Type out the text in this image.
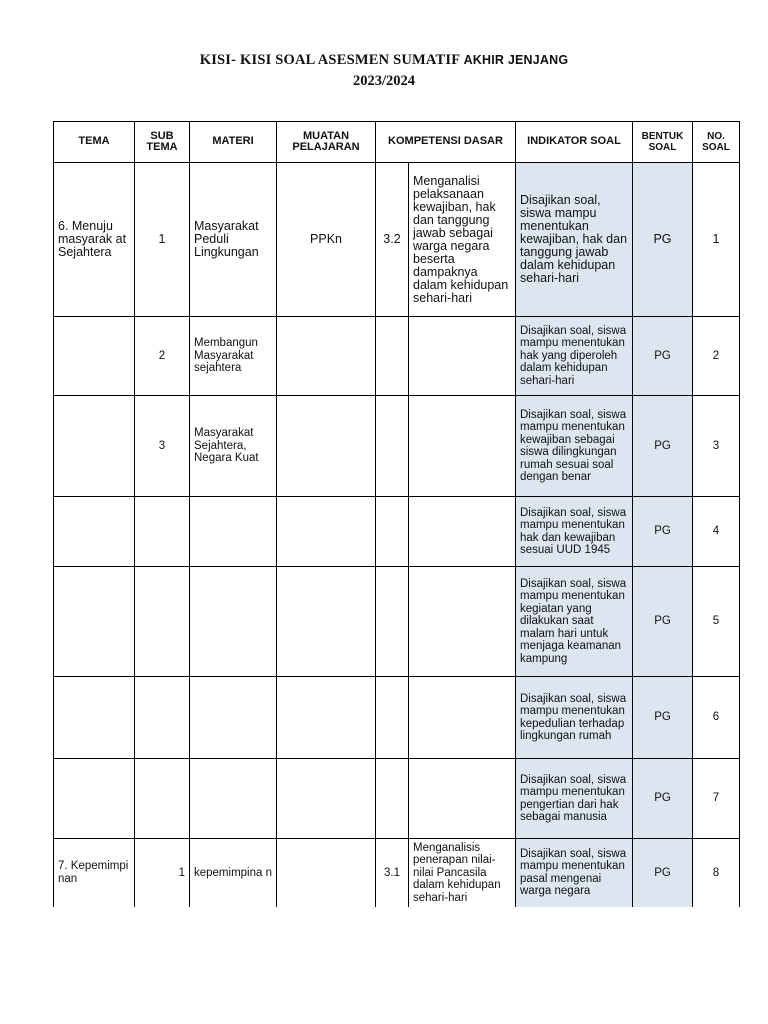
KISI- KISI SOAL ASESMEN SUMATIF AKHIR JENJANG
2023/2024
TEMA	SUB TEMA	MATERI	MUATAN PELAJARAN	KOMPETENSI DASAR		INDIKATOR SOAL	BENTUK SOAL	NO. SOAL
6. Menuju masyarak at Sejahtera	1	Masyarakat Peduli Lingkungan	PPKn	3.2	Menganalisi pelaksanaan kewajiban, hak dan tanggung jawab sebagai warga negara beserta dampaknya dalam kehidupan sehari-hari	Disajikan soal, siswa mampu menentukan kewajiban, hak dan tanggung jawab dalam kehidupan sehari-hari	PG	1
	2	Membangun Masyarakat sejahtera				Disajikan soal, siswa mampu menentukan hak yang diperoleh dalam kehidupan sehari-hari	PG	2
	3	Masyarakat Sejahtera, Negara Kuat				Disajikan soal, siswa mampu menentukan kewajiban sebagai siswa dilingkungan rumah sesuai soal dengan benar	PG	3
						Disajikan soal, siswa mampu menentukan hak dan kewajiban sesuai UUD 1945	PG	4
						Disajikan soal, siswa mampu menentukan kegiatan yang dilakukan saat malam hari untuk menjaga keamanan kampung	PG	5
						Disajikan soal, siswa mampu menentukan kepedulian terhadap lingkungan rumah	PG	6
						Disajikan soal, siswa mampu menentukan pengertian dari hak sebagai manusia	PG	7
7. Kepemimpi nan	1	kepemimpina n		3.1	Menganalisis penerapan nilai-nilai Pancasila dalam kehidupan sehari-hari	Disajikan soal, siswa mampu menentukan pasal mengenai warga negara	PG	8
